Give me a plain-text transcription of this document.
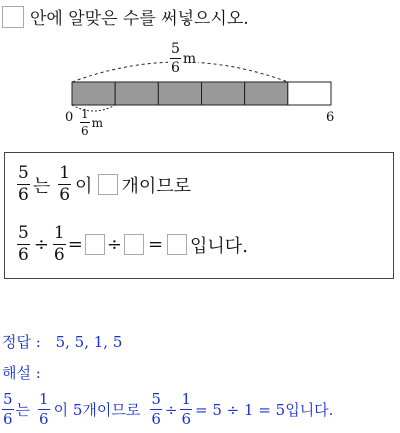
안에 알맞은 수를 써넣으시오.
$\frac{5}{6}$ m
$0 \frac{1}{6}$ m	6
$\frac{5}{6}$ 는 $\frac{1}{6}$ 이 개이므로
$\frac{5}{6} \div \frac{1}{6}$ = ÷ = 입니다.
정답 : 5, 5, 1, 5
해설 :
$\frac{5}{6}$ 는 $\frac{1}{6}$ 이 5개이므로 $\frac{5}{6} \div \frac{1}{6} = 5 \div 1 = 5$입니다.
